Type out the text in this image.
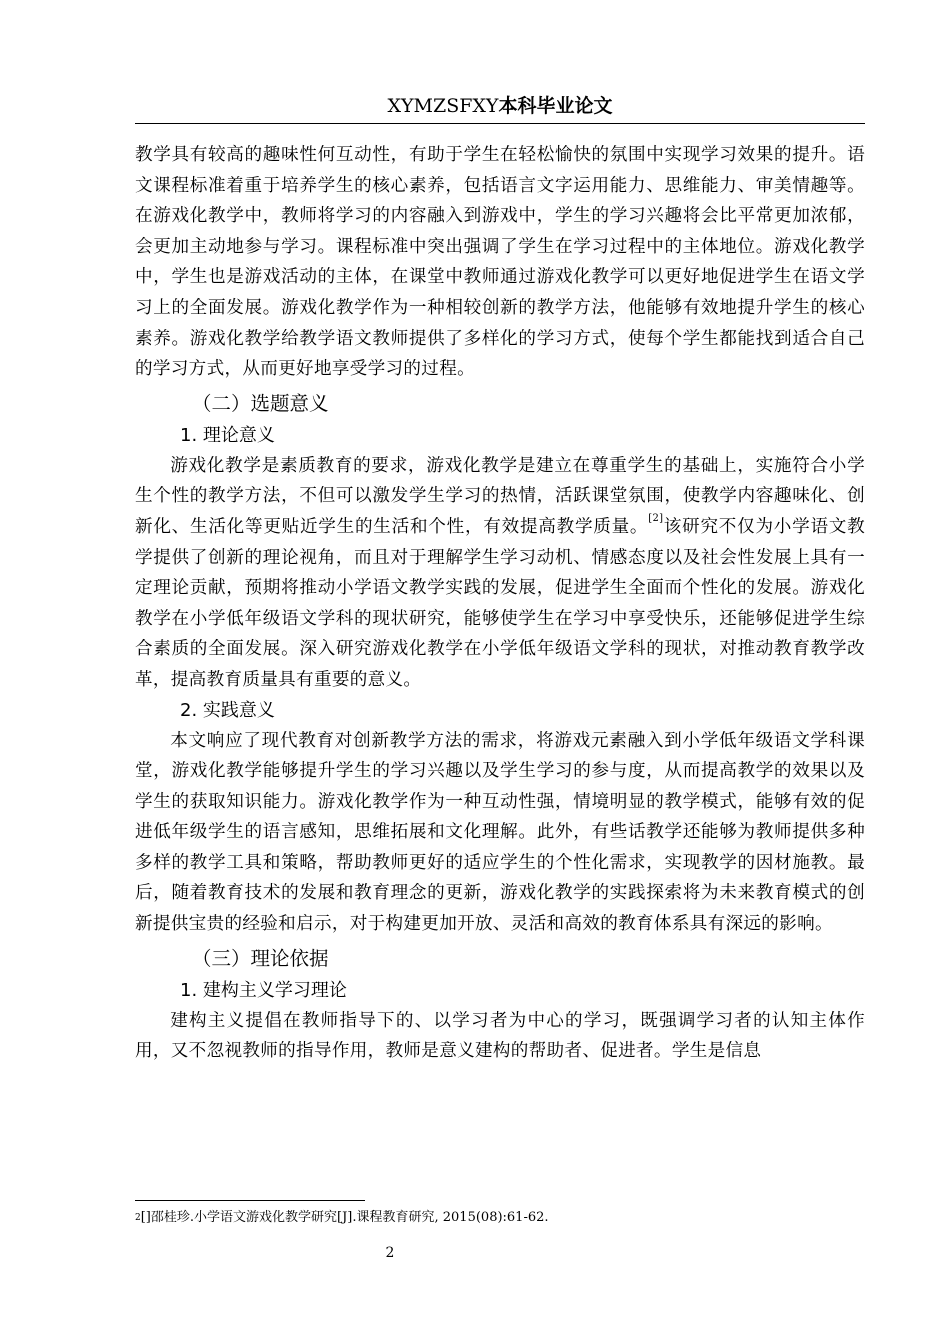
XYMZSFXY本科毕业论文

教学具有较高的趣味性何互动性，有助于学生在轻松愉快的氛围中实现学习效果的提升。语文课程标准着重于培养学生的核心素养，包括语言文字运用能力、思维能力、审美情趣等。在游戏化教学中，教师将学习的内容融入到游戏中，学生的学习兴趣将会比平常更加浓郁，会更加主动地参与学习。课程标准中突出强调了学生在学习过程中的主体地位。游戏化教学中，学生也是游戏活动的主体，在课堂中教师通过游戏化教学可以更好地促进学生在语文学习上的全面发展。游戏化教学作为一种相较创新的教学方法，他能够有效地提升学生的核心素养。游戏化教学给教学语文教师提供了多样化的学习方式，使每个学生都能找到适合自己的学习方式，从而更好地享受学习的过程。

（二）选题意义
1. 理论意义

游戏化教学是素质教育的要求，游戏化教学是建立在尊重学生的基础上，实施符合小学生个性的教学方法，不但可以激发学生学习的热情，活跃课堂氛围，使教学内容趣味化、创新化、生活化等更贴近学生的生活和个性，有效提高教学质量。[2]该研究不仅为小学语文教学提供了创新的理论视角，而且对于理解学生学习动机、情感态度以及社会性发展上具有一定理论贡献，预期将推动小学语文教学实践的发展，促进学生全面而个性化的发展。游戏化教学在小学低年级语文学科的现状研究，能够使学生在学习中享受快乐，还能够促进学生综合素质的全面发展。深入研究游戏化教学在小学低年级语文学科的现状，对推动教育教学改革，提高教育质量具有重要的意义。

2. 实践意义

本文响应了现代教育对创新教学方法的需求，将游戏元素融入到小学低年级语文学科课堂，游戏化教学能够提升学生的学习兴趣以及学生学习的参与度，从而提高教学的效果以及学生的获取知识能力。游戏化教学作为一种互动性强，情境明显的教学模式，能够有效的促进低年级学生的语言感知，思维拓展和文化理解。此外，有些话教学还能够为教师提供多种多样的教学工具和策略，帮助教师更好的适应学生的个性化需求，实现教学的因材施教。最后，随着教育技术的发展和教育理念的更新，游戏化教学的实践探索将为未来教育模式的创新提供宝贵的经验和启示，对于构建更加开放、灵活和高效的教育体系具有深远的影响。

（三）理论依据
1. 建构主义学习理论

建构主义提倡在教师指导下的、以学习者为中心的学习，既强调学习者的认知主体作用，又不忽视教师的指导作用，教师是意义建构的帮助者、促进者。学生是信息

$^2$[]邵桂珍.小学语文游戏化教学研究[J].课程教育研究, 2015(08):61-62.
2
